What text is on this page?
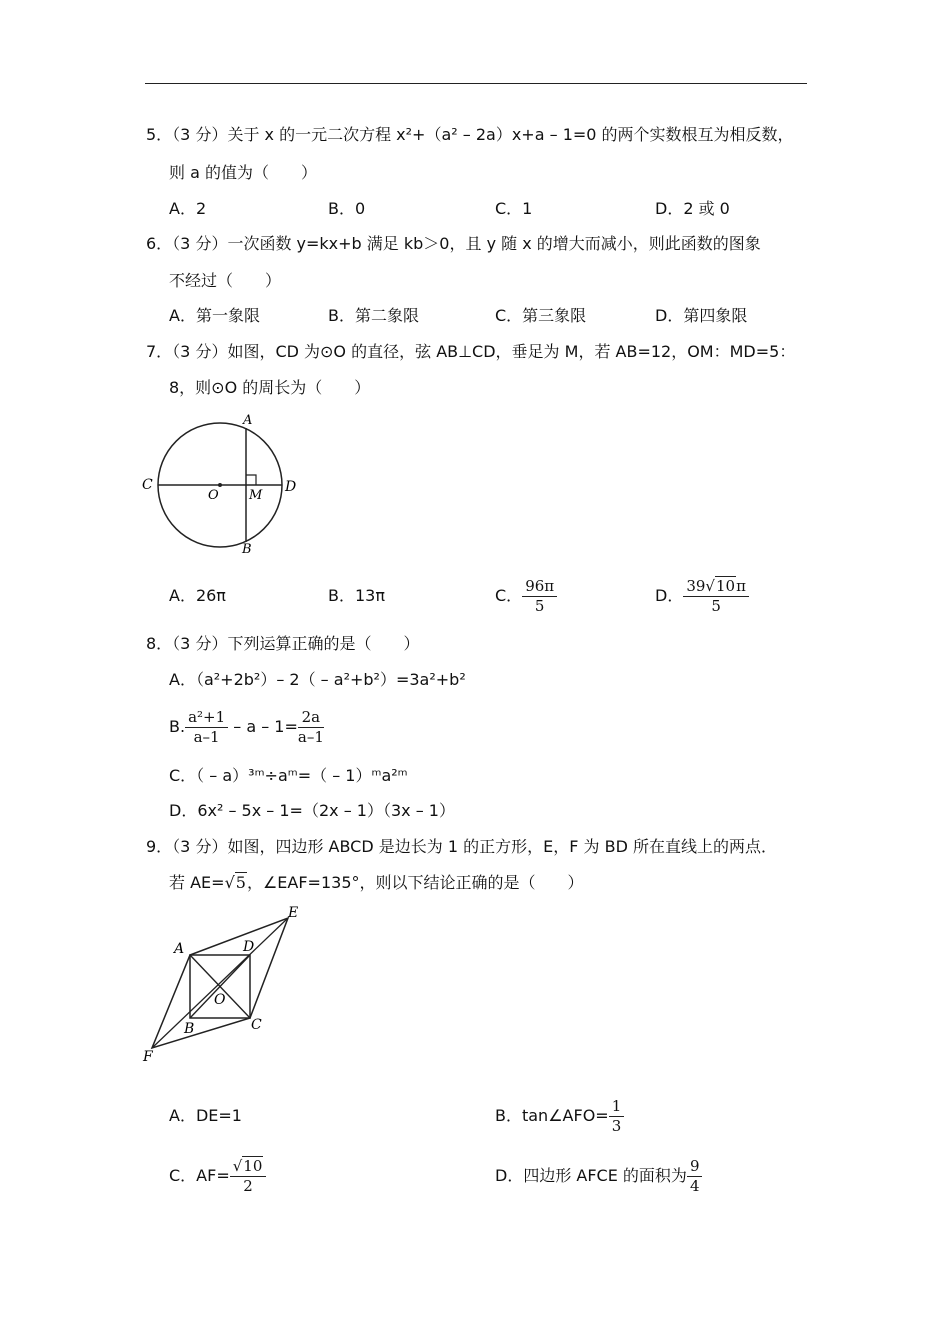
5．（3 分）关于 x 的一元二次方程 x²+（a² – 2a）x+a – 1=0 的两个实数根互为相反数，
则 a 的值为（　　）
A．2	B．0	C．1	D．2 或 0
6．（3 分）一次函数 y=kx+b 满足 kb＞0，且 y 随 x 的增大而减小，则此函数的图象
不经过（　　）
A．第一象限	B．第二象限	C．第三象限	D．第四象限
7．（3 分）如图，CD 为⊙O 的直径，弦 AB⊥CD，垂足为 M，若 AB=12，OM：MD=5：
8，则⊙O 的周长为（　　）
A
B
C	D
O M
A．26π	B．13π	C． $\frac{96\pi}{5}$	D． $\frac{39√10\pi}{5}$
8．（3 分）下列运算正确的是（　　）
A．（a²+2b²）– 2（ – a²+b²）=3a²+b²
B. $\frac{\text{a²+1}}{a-1} - a - 1= \frac{2a}{a-1}$
C．（ – a）³ᵐ÷aᵐ=（ – 1）ᵐa²ᵐ
D．6x² – 5x – 1=（2x – 1）（3x – 1）
9．（3 分）如图，四边形 ABCD 是边长为 1 的正方形，E，F 为 BD 所在直线上的两点．
若 AE=√5，∠EAF=135°，则以下结论正确的是（　　）
A	D
E
O
B	C
F
A．DE=1	B．tan∠AFO= $\frac{1}{3}$
C．$AF= \frac{√10}{2}$	D．四边形 AFCE 的面积为 $\frac{9}{4}$
